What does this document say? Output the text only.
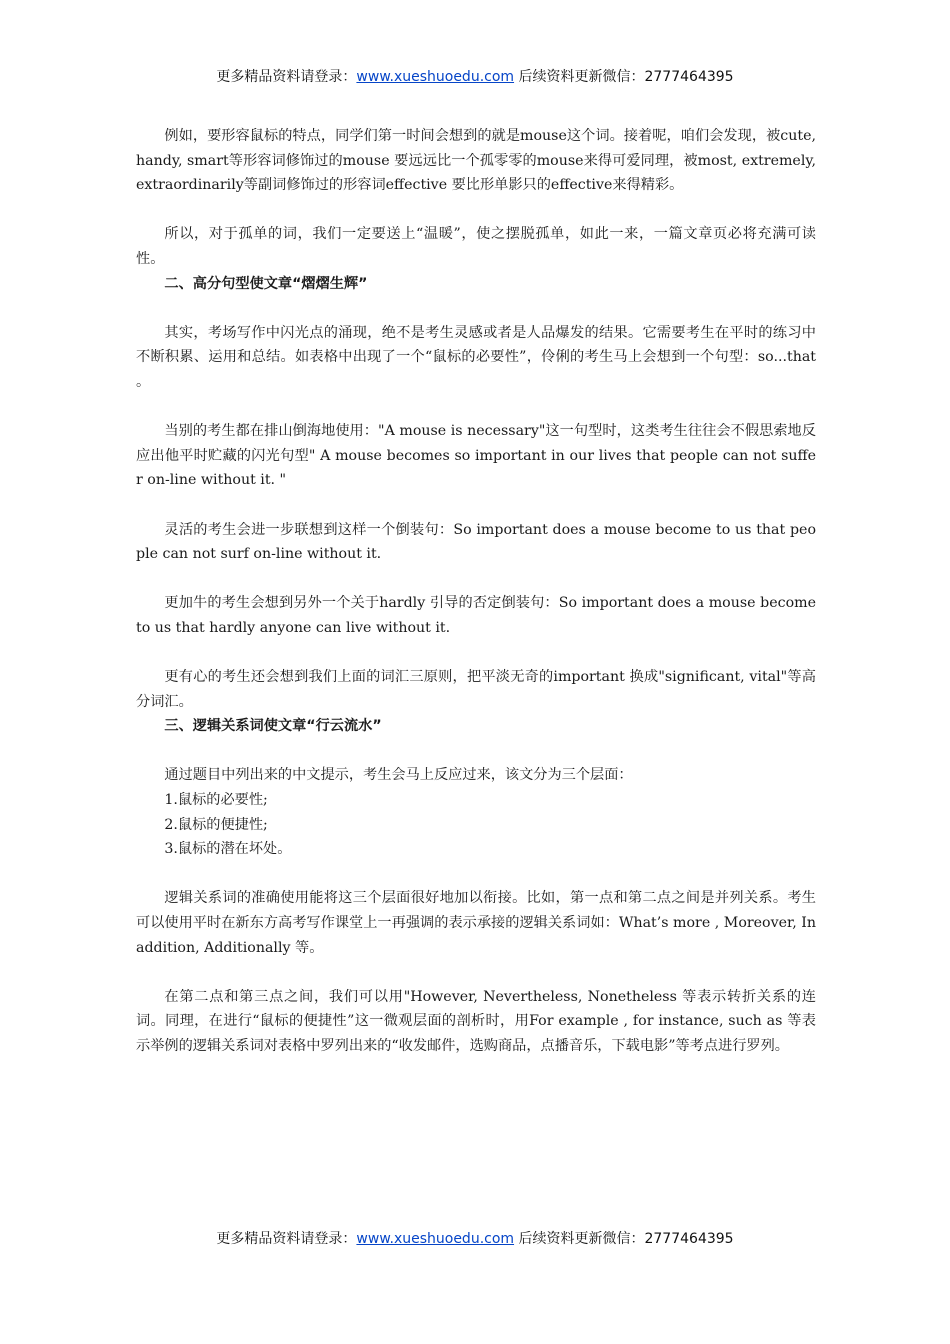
更多精品资料请登录：www.xueshuoedu.com 后续资料更新微信：2777464395

例如，要形容鼠标的特点，同学们第一时间会想到的就是mouse这个词。接着呢，咱们会发现，被cute, handy, smart等形容词修饰过的mouse 要远远比一个孤零零的mouse来得可爱同理，被most, extremely, extraordinarily等副词修饰过的形容词effective 要比形单影只的effective来得精彩。

所以，对于孤单的词，我们一定要送上“温暖”，使之摆脱孤单，如此一来，一篇文章页必将充满可读性。

二、高分句型使文章“熠熠生辉”

其实，考场写作中闪光点的涌现，绝不是考生灵感或者是人品爆发的结果。它需要考生在平时的练习中不断积累、运用和总结。如表格中出现了一个“鼠标的必要性”，伶俐的考生马上会想到一个句型：so...that 。

当别的考生都在排山倒海地使用："A mouse is necessary"这一句型时，这类考生往往会不假思索地反应出他平时贮藏的闪光句型" A mouse becomes so important in our lives that people can not suffer on-line without it. "

灵活的考生会进一步联想到这样一个倒装句：So important does a mouse become to us that people can not surf on-line without it.

更加牛的考生会想到另外一个关于hardly 引导的否定倒装句：So important does a mouse become to us that hardly anyone can live without it.

更有心的考生还会想到我们上面的词汇三原则，把平淡无奇的important 换成"significant, vital"等高分词汇。

三、逻辑关系词使文章“行云流水”

通过题目中列出来的中文提示，考生会马上反应过来，该文分为三个层面：

1.鼠标的必要性;

2.鼠标的便捷性;

3.鼠标的潜在坏处。

逻辑关系词的准确使用能将这三个层面很好地加以衔接。比如，第一点和第二点之间是并列关系。考生可以使用平时在新东方高考写作课堂上一再强调的表示承接的逻辑关系词如：What’s more , Moreover, In addition, Additionally 等。

在第二点和第三点之间，我们可以用"However, Nevertheless, Nonetheless 等表示转折关系的连词。同理，在进行“鼠标的便捷性”这一微观层面的剖析时，用For example , for instance, such as 等表示举例的逻辑关系词对表格中罗列出来的“收发邮件，选购商品，点播音乐，下载电影”等考点进行罗列。

更多精品资料请登录：www.xueshuoedu.com 后续资料更新微信：2777464395
